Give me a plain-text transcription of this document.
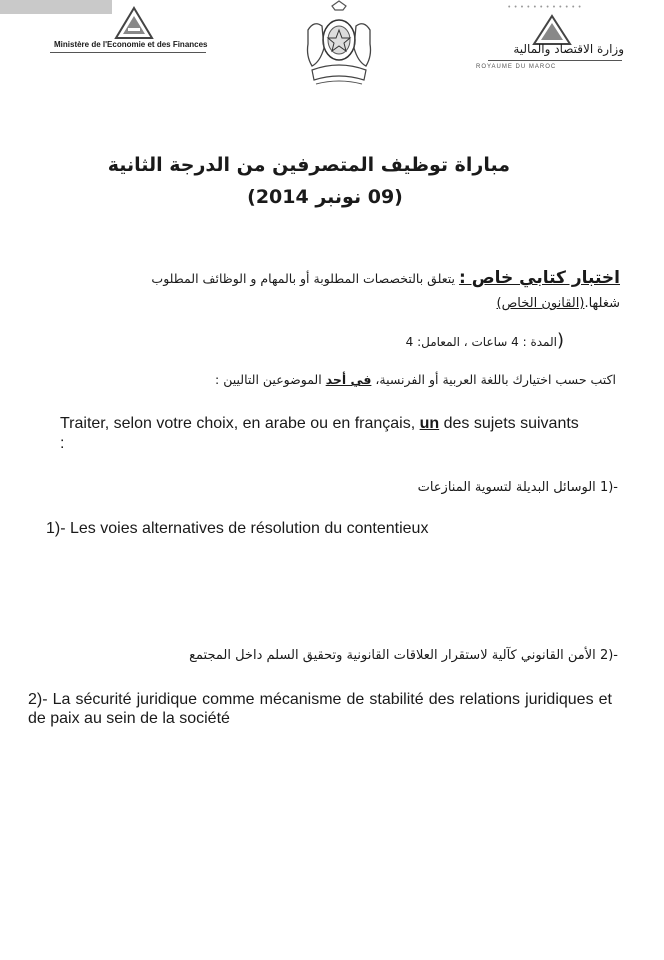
Ministère de l'Economie et des Finances
• • • • • • • • • • • •
وزارة الاقتصاد والمالية
ROYAUME DU MAROC
مباراة توظيف المتصرفين من الدرجة الثانية
(09 نونبر 2014)
اختبار كتابي خاص : يتعلق بالتخصصات المطلوبة أو بالمهام و الوظائف المطلوب
شغلها.(القانون الخاص)
(المدة : 4 ساعات ، المعامل: 4
اكتب حسب اختيارك باللغة العربية أو الفرنسية، في أحد الموضوعين التاليين :
Traiter, selon votre choix, en arabe ou en français, un des sujets suivants :
1)- الوسائل البديلة لتسوية المنازعات
1)- Les voies alternatives de résolution du contentieux
2)- الأمن القانوني كآلية لاستقرار العلاقات القانونية وتحقيق السلم داخل المجتمع
2)- La sécurité juridique comme mécanisme de stabilité des relations juridiques et de paix au sein de la société
